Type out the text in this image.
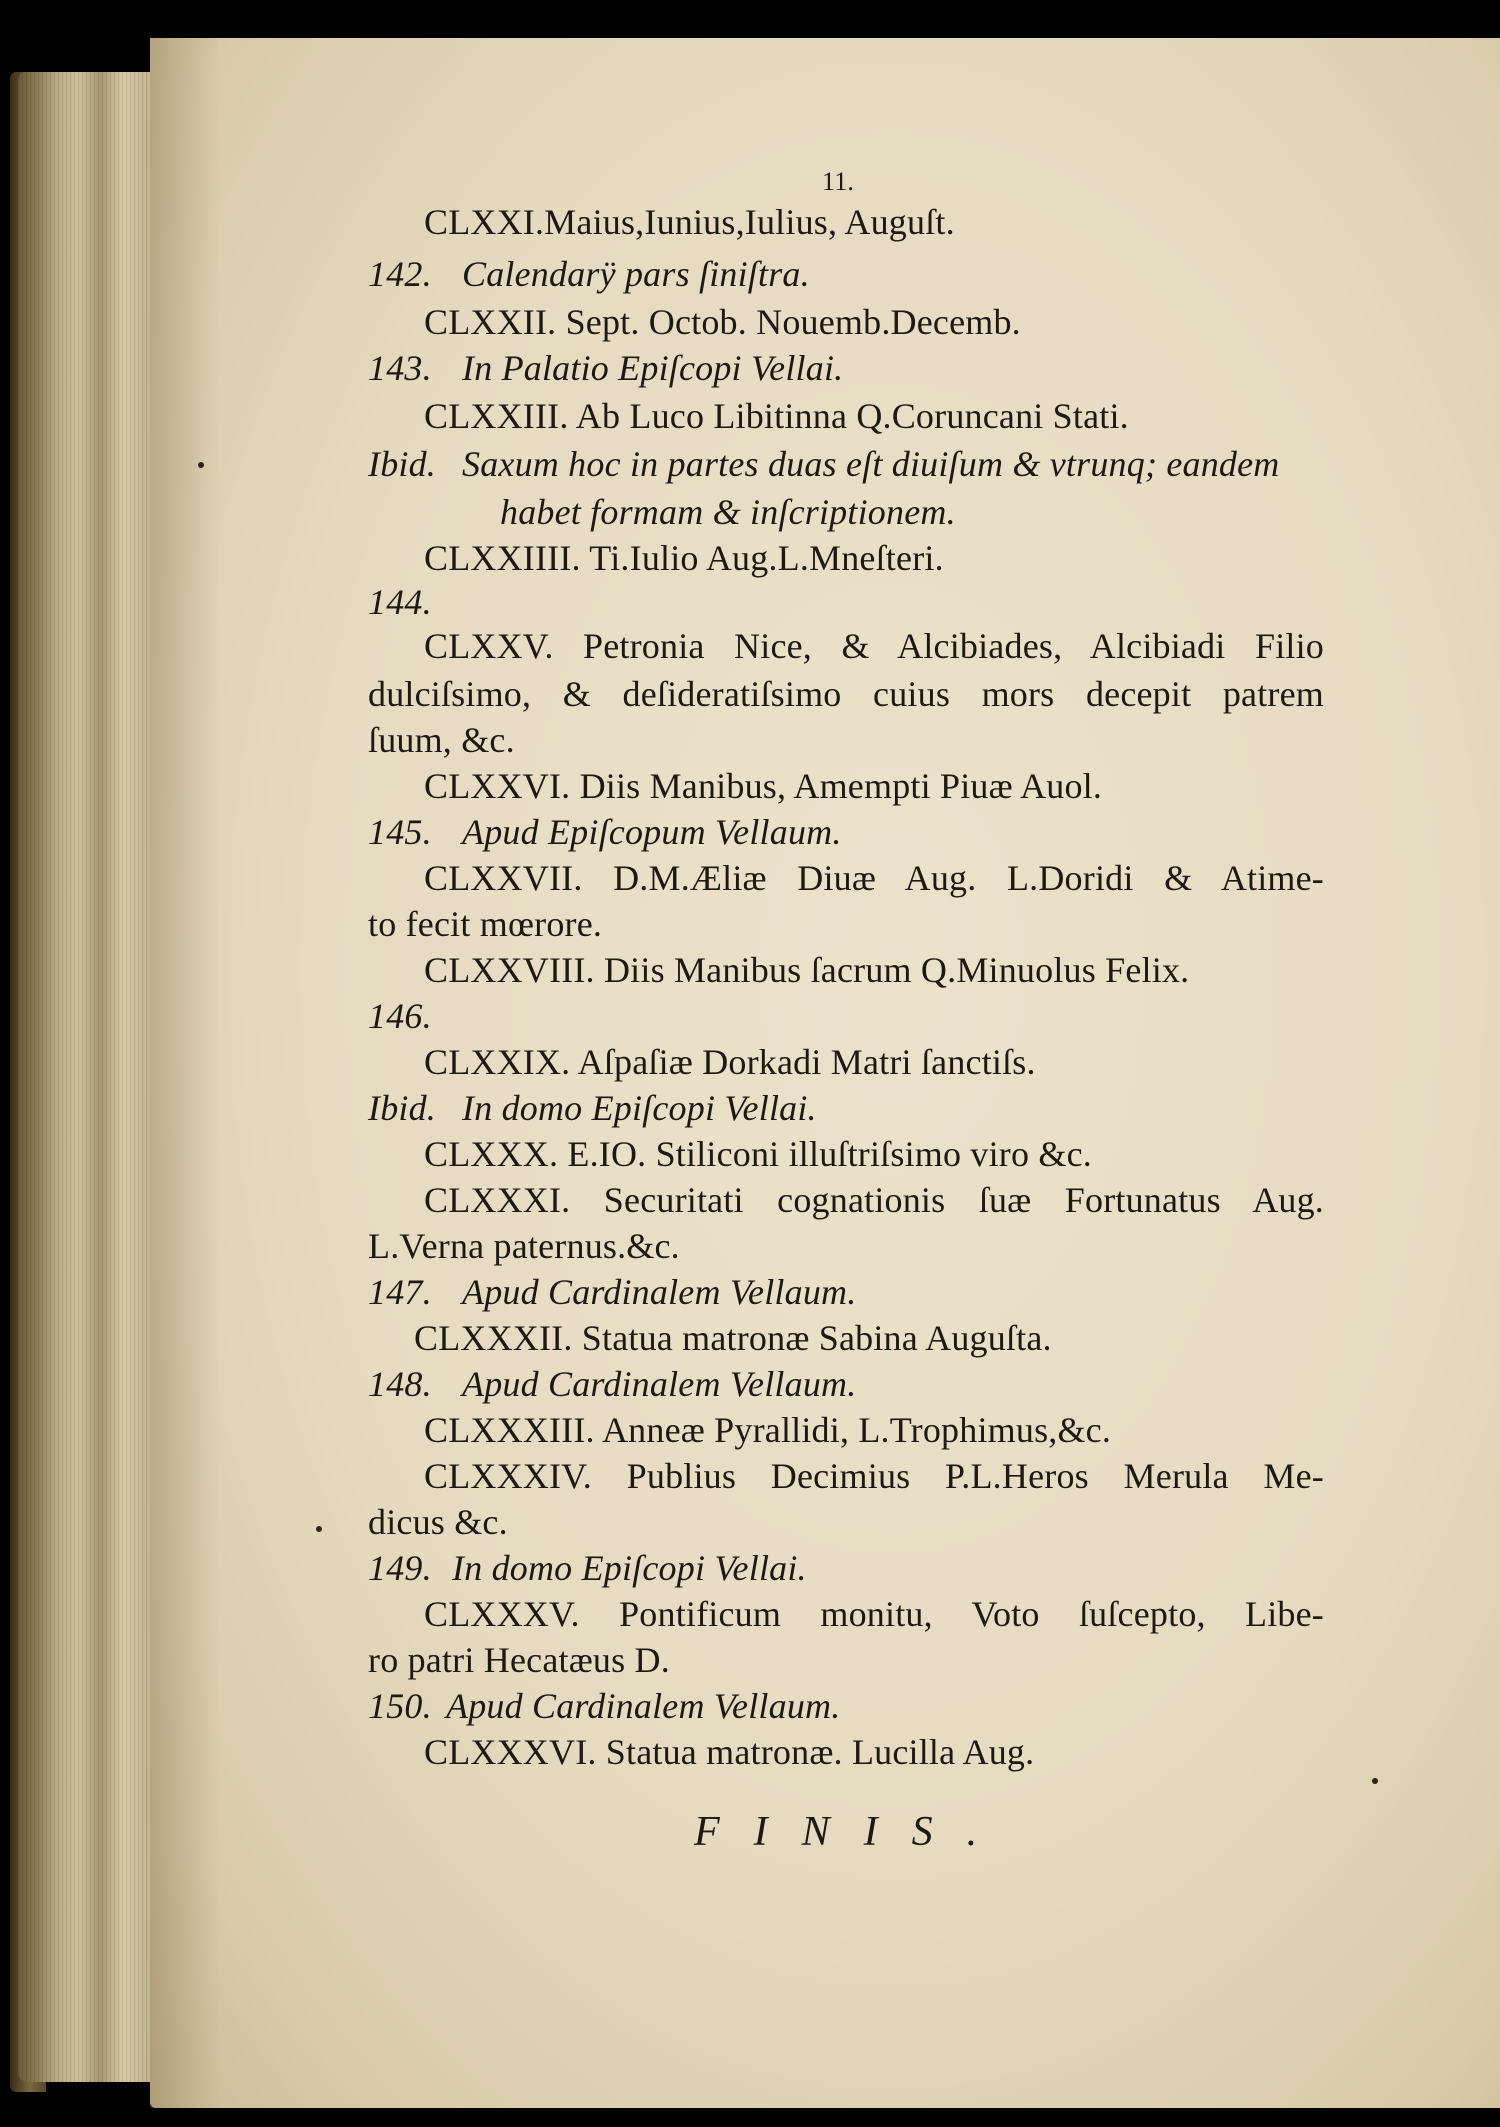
11.
CLXXI.Maius,Iunius,Iulius, Auguſt.
142. Calendarÿ pars ſiniſtra.
CLXXII. Sept. Octob. Nouemb.Decemb.
143. In Palatio Epiſcopi Vellai.
CLXXIII. Ab Luco Libitinna Q.Coruncani Stati.
Ibid. Saxum hoc in partes duas eſt diuiſum & vtrunq; eandem
habet formam & inſcriptionem.
CLXXIIII. Ti.Iulio Aug.L.Mneſteri.
144.
CLXXV. Petronia Nice, & Alcibiades, Alcibiadi Filio
dulciſsimo, & deſideratiſsimo cuius mors decepit patrem
ſuum, &c.
CLXXVI. Diis Manibus, Amempti Piuæ Auol.
145. Apud Epiſcopum Vellaum.
CLXXVII. D.M.Æliæ Diuæ Aug. L.Doridi & Atime-
to fecit mœrore.
CLXXVIII. Diis Manibus ſacrum Q.Minuolus Felix.
146.
CLXXIX. Aſpaſiæ Dorkadi Matri ſanctiſs.
Ibid. In domo Epiſcopi Vellai.
CLXXX. E.IO. Stiliconi illuſtriſsimo viro &c.
CLXXXI. Securitati cognationis ſuæ Fortunatus Aug.
L.Verna paternus.&c.
147. Apud Cardinalem Vellaum.
CLXXXII. Statua matronæ Sabina Auguſta.
148. Apud Cardinalem Vellaum.
CLXXXIII. Anneæ Pyrallidi, L.Trophimus,&c.
CLXXXIV. Publius Decimius P.L.Heros Merula Me-
dicus &c.
149. In domo Epiſcopi Vellai.
CLXXXV. Pontificum monitu, Voto ſuſcepto, Libe-
ro patri Hecatæus D.
150. Apud Cardinalem Vellaum.
CLXXXVI. Statua matronæ. Lucilla Aug.
FINIS.
